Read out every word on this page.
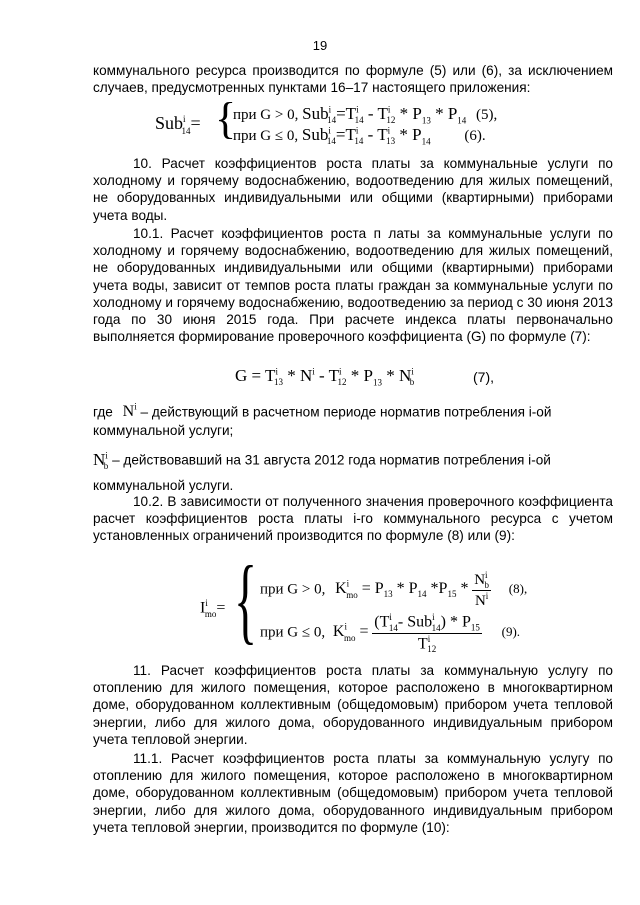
19

коммунального ресурса производится по формуле (5) или (6), за исключением случаев, предусмотренных пунктами 16–17 настоящего приложения:

Sub$^i_{14}$= {
при G > 0, $Sub^i_{14}=T^i_{14} - T^i_{12} * P_{13} * P_{14}$ (5),
при G ≤ 0, $Sub^i_{14}=T^i_{14} - T^i_{13} * P_{14}$ (6).

10. Расчет коэффициентов роста платы за коммунальные услуги по холодному и горячему водоснабжению, водоотведению для жилых помещений, не оборудованных индивидуальными или общими (квартирными) приборами учета воды.

10.1. Расчет коэффициентов роста п латы за коммунальные услуги по холодному и горячему водоснабжению, водоотведению для жилых помещений, не оборудованных индивидуальными или общими (квартирными) приборами учета воды, зависит от темпов роста платы граждан за коммунальные услуги по холодному и горячему водоснабжению, водоотведению за период с 30 июня 2013 года по 30 июня 2015 года. При расчете индекса платы первоначально выполняется формирование проверочного коэффициента (G) по формуле (7):

$G = T^i_{13} * N^i - T^i_{12} * P_{13} * N^i_b$	(7),
где $N^i$ – действующий в расчетном периоде норматив потребления i-ой коммунальной услуги;
$N^i_b$ – действовавший на 31 августа 2012 года норматив потребления i-ой коммунальной услуги.

10.2. В зависимости от полученного значения проверочного коэффициента расчет коэффициентов роста платы i-го коммунального ресурса с учетом установленных ограничений производится по формуле (8) или (9):

$I^i_{mo}=$ { при G > 0, $K^i_{mo} = P_{13} * P_{14}$ $*P_{15} * \frac{N^i_b}{N^i} (8)$,
при G ≤ 0, $K^i_{mo} = \frac{(T^i_{14}- Sub^i_{14}) * P_{15}}{T^i_{12}} (9)$.

11. Расчет коэффициентов роста платы за коммунальную услугу по отоплению для жилого помещения, которое расположено в многоквартирном доме, оборудованном коллективным (общедомовым) прибором учета тепловой энергии, либо для жилого дома, оборудованного индивидуальным прибором учета тепловой энергии.

11.1. Расчет коэффициентов роста платы за коммунальную услугу по отоплению для жилого помещения, которое расположено в многоквартирном доме, оборудованном коллективным (общедомовым) прибором учета тепловой энергии, либо для жилого дома, оборудованного индивидуальным прибором учета тепловой энергии, производится по формуле (10):
